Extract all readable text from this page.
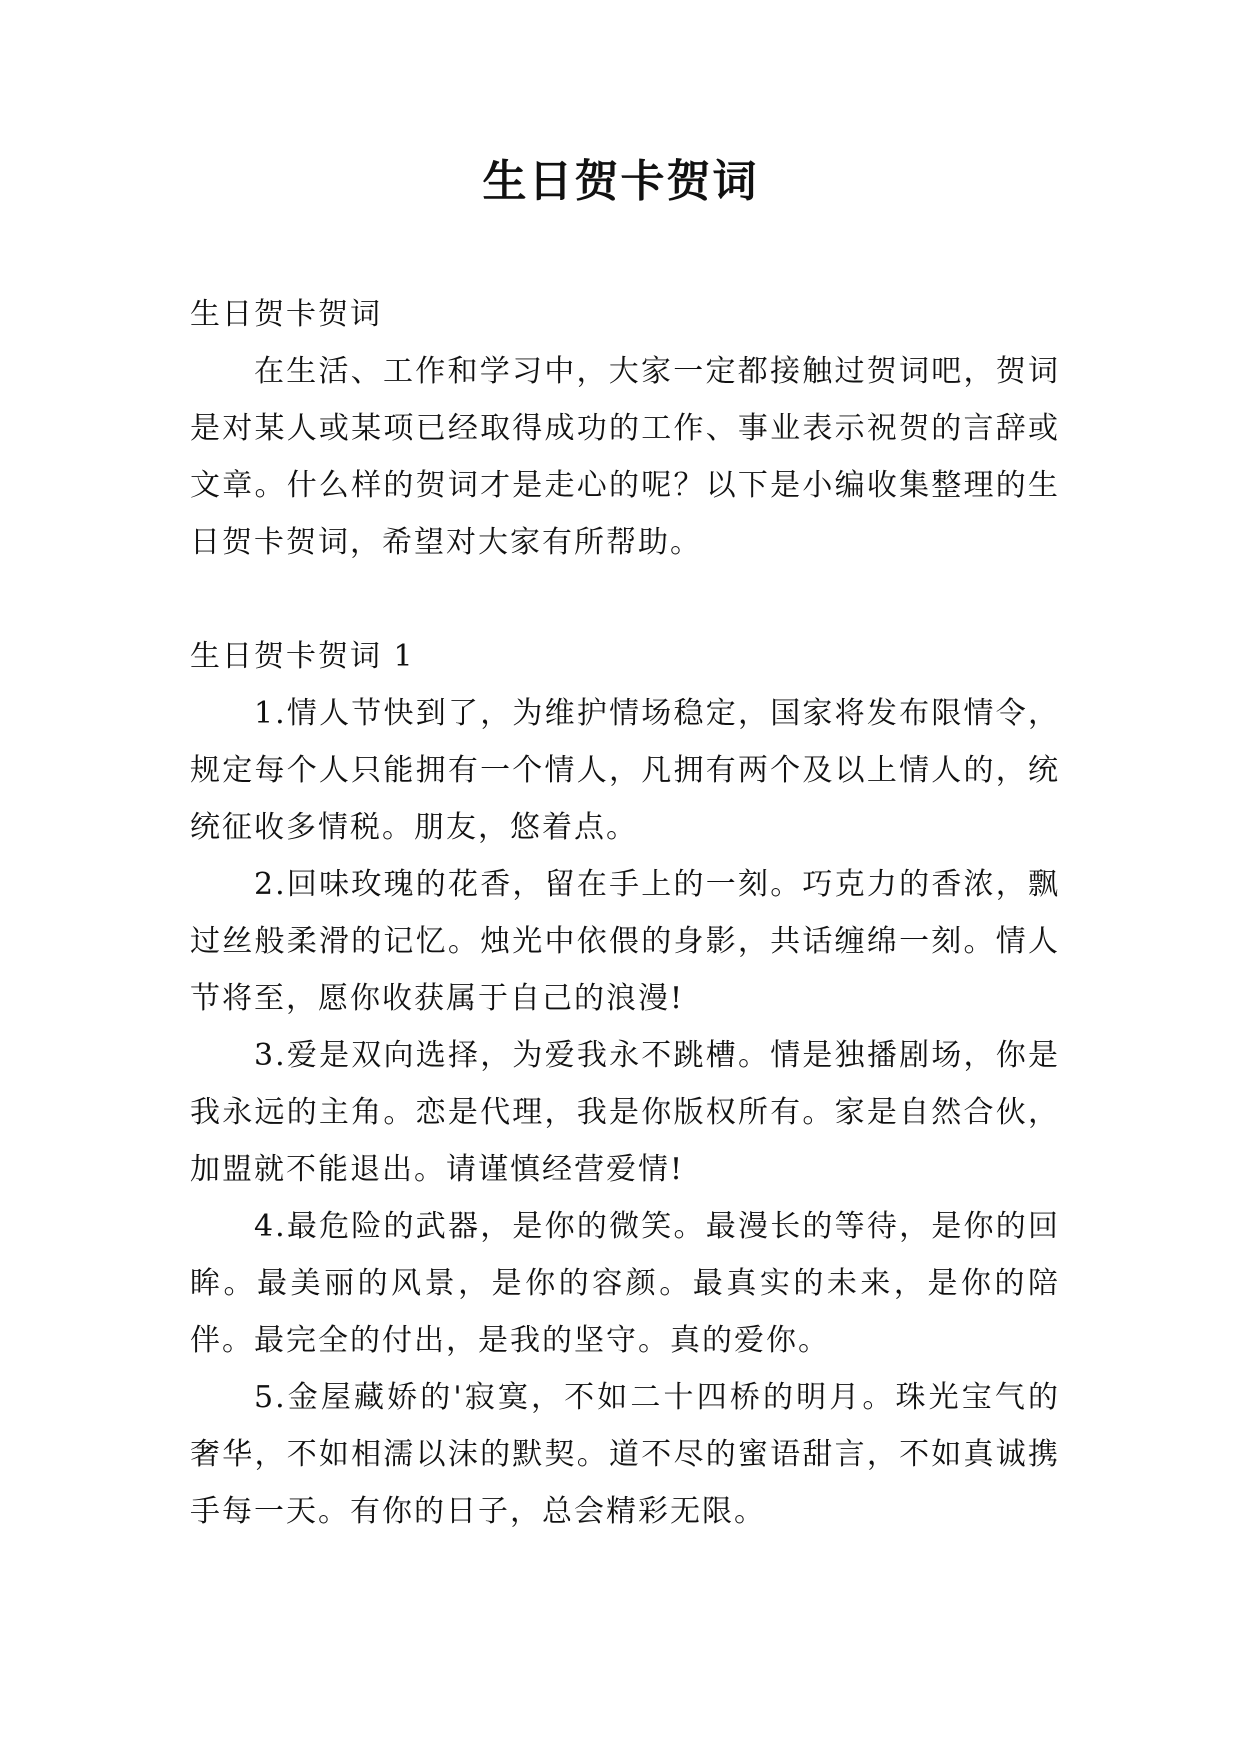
生日贺卡贺词

生日贺卡贺词

在生活、工作和学习中，大家一定都接触过贺词吧，贺词是对某人或某项已经取得成功的工作、事业表示祝贺的言辞或文章。什么样的贺词才是走心的呢？以下是小编收集整理的生日贺卡贺词，希望对大家有所帮助。

生日贺卡贺词 1

1.情人节快到了，为维护情场稳定，国家将发布限情令，规定每个人只能拥有一个情人，凡拥有两个及以上情人的，统统征收多情税。朋友，悠着点。

2.回味玫瑰的花香，留在手上的一刻。巧克力的香浓，飘过丝般柔滑的记忆。烛光中依偎的身影，共话缠绵一刻。情人节将至，愿你收获属于自己的浪漫!

3.爱是双向选择，为爱我永不跳槽。情是独播剧场，你是我永远的主角。恋是代理，我是你版权所有。家是自然合伙，加盟就不能退出。请谨慎经营爱情!

4.最危险的武器，是你的微笑。最漫长的等待，是你的回眸。最美丽的风景，是你的容颜。最真实的未来，是你的陪伴。最完全的付出，是我的坚守。真的爱你。

5.金屋藏娇的'寂寞，不如二十四桥的明月。珠光宝气的奢华，不如相濡以沫的默契。道不尽的蜜语甜言，不如真诚携手每一天。有你的日子，总会精彩无限。
